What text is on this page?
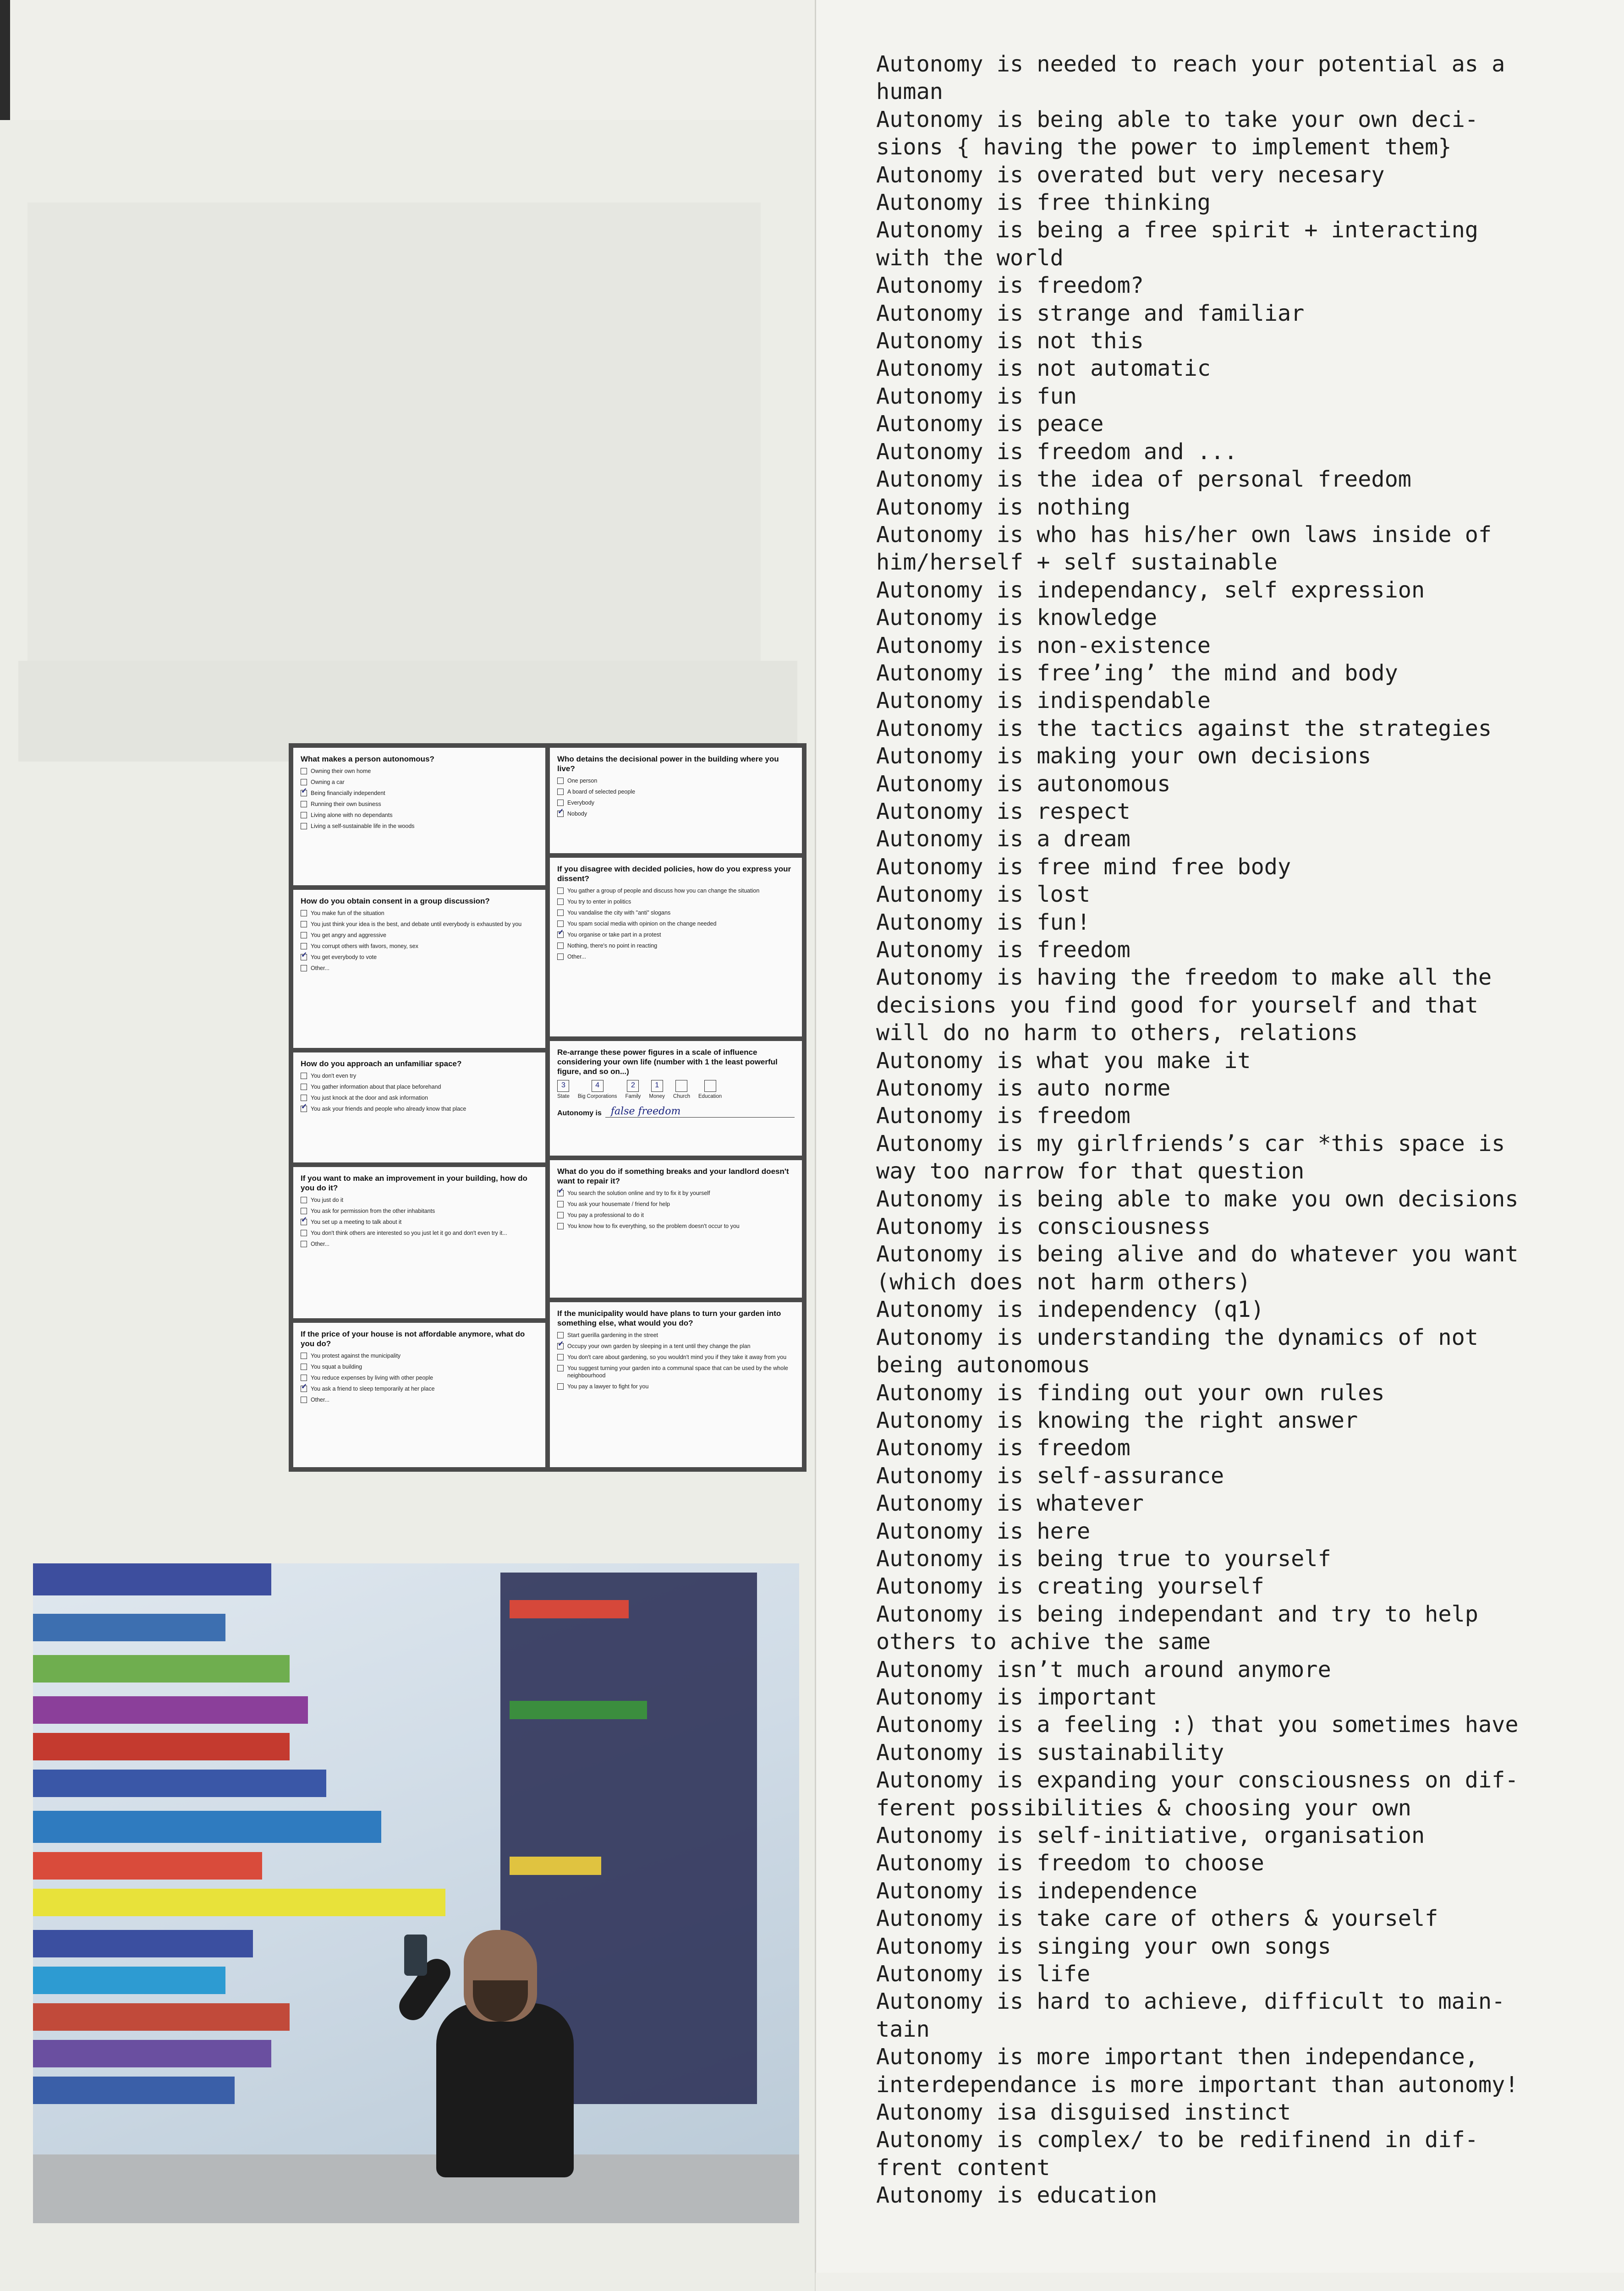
Autonomy is needed to reach your potential as a
human
Autonomy is being able to take your own deci-
sions { having the power to implement them}
Autonomy is overated but very necesary
Autonomy is free thinking
Autonomy is being a free spirit + interacting
with the world
Autonomy is freedom?
Autonomy is strange and familiar
Autonomy is not this
Autonomy is not automatic
Autonomy is fun
Autonomy is peace
Autonomy is freedom and ...
Autonomy is the idea of personal freedom
Autonomy is nothing
Autonomy is who has his/her own laws inside of
him/herself + self sustainable
Autonomy is independancy, self expression
Autonomy is knowledge
Autonomy is non-existence
Autonomy is free’ing’ the mind and body
Autonomy is indispendable
Autonomy is the tactics against the strategies
Autonomy is making your own decisions
Autonomy is autonomous
Autonomy is respect
Autonomy is a dream
Autonomy is free mind free body
Autonomy is lost
Autonomy is fun!
Autonomy is freedom
Autonomy is having the freedom to make all the
decisions you find good for yourself and that
will do no harm to others, relations
Autonomy is what you make it
Autonomy is auto norme
Autonomy is freedom
Autonomy is my girlfriends’s car *this space is
way too narrow for that question
Autonomy is being able to make you own decisions
Autonomy is consciousness
Autonomy is being alive and do whatever you want
(which does not harm others)
Autonomy is independency (q1)
Autonomy is understanding the dynamics of not
being autonomous
Autonomy is finding out your own rules
Autonomy is knowing the right answer
Autonomy is freedom
Autonomy is self-assurance
Autonomy is whatever
Autonomy is here
Autonomy is being true to yourself
Autonomy is creating yourself
Autonomy is being independant and try to help
others to achive the same
Autonomy isn’t much around anymore
Autonomy is important
Autonomy is a feeling :) that you sometimes have
Autonomy is sustainability
Autonomy is expanding your consciousness on dif-
ferent possibilities & choosing your own
Autonomy is self-initiative, organisation
Autonomy is freedom to choose
Autonomy is independence
Autonomy is take care of others & yourself
Autonomy is singing your own songs
Autonomy is life
Autonomy is hard to achieve, difficult to main-
tain
Autonomy is more important then independance,
interdependance is more important than autonomy!
Autonomy isa disguised instinct
Autonomy is complex/ to be redifinend in dif-
frent content
Autonomy is education

What makes a person autonomous?

Owning their own home
Owning a car
✓
Being financially independent
Running their own business
Living alone with no dependants
Living a self-sustainable life in the woods

How do you obtain consent in a group discussion?

You make fun of the situation
You just think your idea is the best, and debate until everybody is exhausted by you
You get angry and aggressive
You corrupt others with favors, money, sex
✓
You get everybody to vote
Other...

How do you approach an unfamiliar space?

You don't even try
You gather information about that place beforehand
You just knock at the door and ask information
✓
You ask your friends and people who already know that place

If you want to make an improvement in your building, how do you do it?

You just do it
You ask for permission from the other inhabitants
✓
You set up a meeting to talk about it
You don't think others are interested so you just let it go and don't even try it...
Other...

If the price of your house is not affordable anymore, what do you do?

You protest against the municipality
You squat a building
You reduce expenses by living with other people
✓
You ask a friend to sleep temporarily at her place
Other...

Who detains the decisional power in the building where you live?

One person
A board of selected people
Everybody
✓
Nobody

If you disagree with decided policies, how do you express your dissent?

You gather a group of people and discuss how you can change the situation
You try to enter in politics
You vandalise the city with "anti" slogans
You spam social media with opinion on the change needed
✓
You organise or take part in a protest
Nothing, there's no point in reacting
Other...

Re-arrange these power figures in a scale of influence considering your own life (number with 1 the least powerful figure, and so on...)

3
State
4
Big Corporations
2
Family
1
Money Church Education
Autonomy is false freedom

What do you do if something breaks and your landlord doesn't want to repair it?

✓
You search the solution online and try to fix it by yourself
You ask your housemate / friend for help
You pay a professional to do it
You know how to fix everything, so the problem doesn't occur to you

If the municipality would have plans to turn your garden into something else, what would you do?

Start guerilla gardening in the street
✓
Occupy your own garden by sleeping in a tent until they change the plan
You don't care about gardening, so you wouldn't mind you if they take it away from you
You suggest turning your garden into a communal space that can be used by the whole neighbourhood
You pay a lawyer to fight for you
